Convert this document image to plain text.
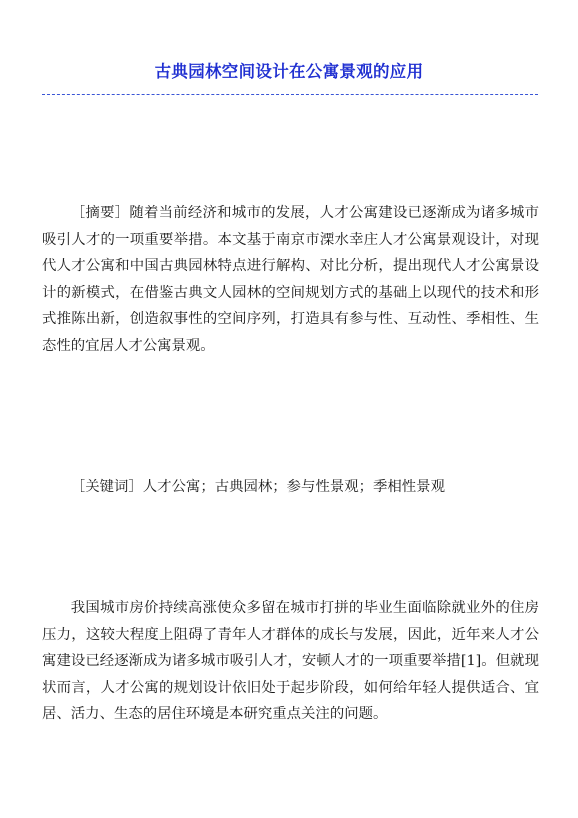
古典园林空间设计在公寓景观的应用

［摘要］随着当前经济和城市的发展，人才公寓建设已逐渐成为诸多城市吸引人才的一项重要举措。本文基于南京市溧水幸庄人才公寓景观设计，对现代人才公寓和中国古典园林特点进行解构、对比分析，提出现代人才公寓景设计的新模式，在借鉴古典文人园林的空间规划方式的基础上以现代的技术和形式推陈出新，创造叙事性的空间序列，打造具有参与性、互动性、季相性、生态性的宜居人才公寓景观。

［关键词］人才公寓；古典园林；参与性景观；季相性景观

我国城市房价持续高涨使众多留在城市打拼的毕业生面临除就业外的住房压力，这较大程度上阻碍了青年人才群体的成长与发展，因此，近年来人才公寓建设已经逐渐成为诸多城市吸引人才，安顿人才的一项重要举措[1]。但就现状而言，人才公寓的规划设计依旧处于起步阶段，如何给年轻人提供适合、宜居、活力、生态的居住环境是本研究重点关注的问题。
